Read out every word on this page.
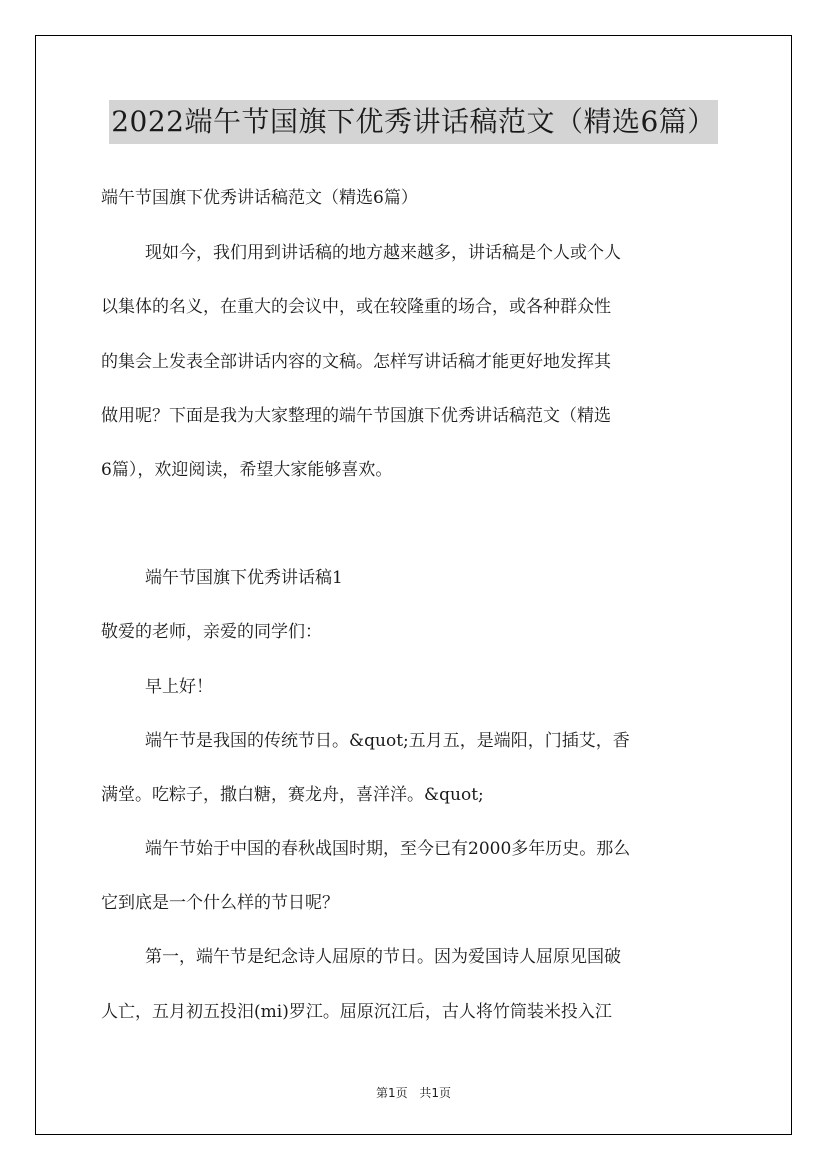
2022端午节国旗下优秀讲话稿范文（精选6篇）
端午节国旗下优秀讲话稿范文（精选6篇）
现如今，我们用到讲话稿的地方越来越多，讲话稿是个人或个人
以集体的名义，在重大的会议中，或在较隆重的场合，或各种群众性
的集会上发表全部讲话内容的文稿。怎样写讲话稿才能更好地发挥其
做用呢？下面是我为大家整理的端午节国旗下优秀讲话稿范文（精选
6篇），欢迎阅读，希望大家能够喜欢。
端午节国旗下优秀讲话稿1
敬爱的老师，亲爱的同学们：
早上好！
端午节是我国的传统节日。&quot;五月五，是端阳，门插艾，香
满堂。吃粽子，撒白糖，赛龙舟，喜洋洋。&quot;
端午节始于中国的春秋战国时期，至今已有2000多年历史。那么
它到底是一个什么样的节日呢？
第一，端午节是纪念诗人屈原的节日。因为爱国诗人屈原见国破
人亡，五月初五投汨(mi)罗江。屈原沉江后，古人将竹筒装米投入江
第1页 共1页
